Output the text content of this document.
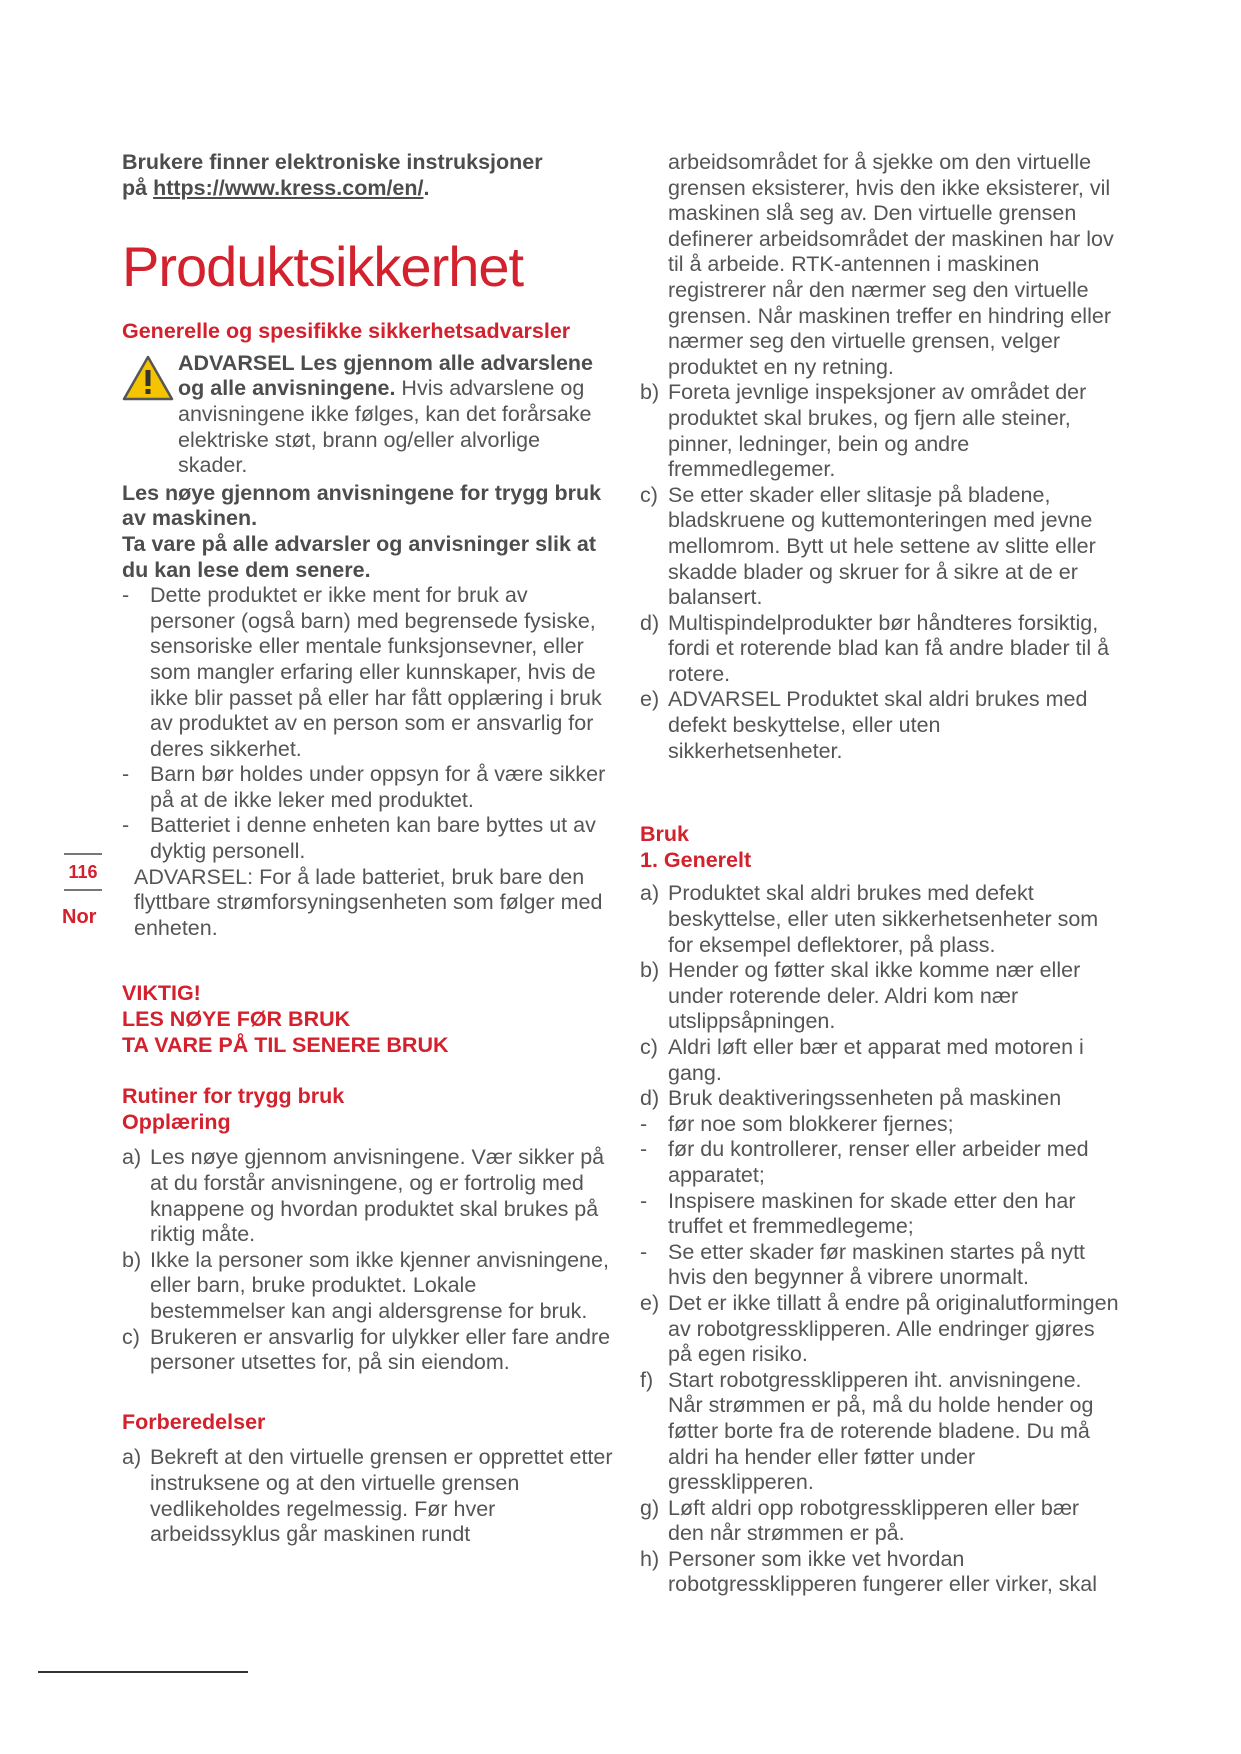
Brukere finner elektroniske instruksjoner
på https://www.kress.com/en/.

Produktsikkerhet

Generelle og spesifikke sikkerhetsadvarsler

ADVARSEL Les gjennom alle advarslene og alle anvisningene. Hvis advarslene og anvisningene ikke følges, kan det forårsake elektriske støt, brann og/eller alvorlige skader.

Les nøye gjennom anvisningene for trygg bruk av maskinen.

Ta vare på alle advarsler og anvisninger slik at du kan lese dem senere.

- Dette produktet er ikke ment for bruk av personer (også barn) med begrensede fysiske, sensoriske eller mentale funksjonsevner, eller som mangler erfaring eller kunnskaper, hvis de ikke blir passet på eller har fått opplæring i bruk av produktet av en person som er ansvarlig for deres sikkerhet.
- Barn bør holdes under oppsyn for å være sikker på at de ikke leker med produktet.
- Batteriet i denne enheten kan bare byttes ut av dyktig personell.

ADVARSEL: For å lade batteriet, bruk bare den flyttbare strømforsyningsenheten som følger med enheten.

VIKTIG!

LES NØYE FØR BRUK

TA VARE PÅ TIL SENERE BRUK

Rutiner for trygg bruk

Opplæring

a) Les nøye gjennom anvisningene. Vær sikker på at du forstår anvisningene, og er fortrolig med knappene og hvordan produktet skal brukes på riktig måte.
b) Ikke la personer som ikke kjenner anvisningene, eller barn, bruke produktet. Lokale bestemmelser kan angi aldersgrense for bruk.
c) Brukeren er ansvarlig for ulykker eller fare andre personer utsettes for, på sin eiendom.

Forberedelser

a) Bekreft at den virtuelle grensen er opprettet etter instruksene og at den virtuelle grensen vedlikeholdes regelmessig. Før hver arbeidssyklus går maskinen rundt

arbeidsområdet for å sjekke om den virtuelle grensen eksisterer, hvis den ikke eksisterer, vil maskinen slå seg av. Den virtuelle grensen definerer arbeidsområdet der maskinen har lov til å arbeide. RTK-antennen i maskinen registrerer når den nærmer seg den virtuelle grensen. Når maskinen treffer en hindring eller nærmer seg den virtuelle grensen, velger produktet en ny retning.

b) Foreta jevnlige inspeksjoner av området der produktet skal brukes, og fjern alle steiner, pinner, ledninger, bein og andre fremmedlegemer.
c) Se etter skader eller slitasje på bladene, bladskruene og kuttemonteringen med jevne mellomrom. Bytt ut hele settene av slitte eller skadde blader og skruer for å sikre at de er balansert.
d) Multispindelprodukter bør håndteres forsiktig, fordi et roterende blad kan få andre blader til å rotere.
e) ADVARSEL Produktet skal aldri brukes med defekt beskyttelse, eller uten sikkerhetsenheter.

Bruk

1. Generelt

a) Produktet skal aldri brukes med defekt beskyttelse, eller uten sikkerhetsenheter som for eksempel deflektorer, på plass.
b) Hender og føtter skal ikke komme nær eller under roterende deler. Aldri kom nær utslippsåpningen.
c) Aldri løft eller bær et apparat med motoren i gang.
d) Bruk deaktiveringssenheten på maskinen
- før noe som blokkerer fjernes;
- før du kontrollerer, renser eller arbeider med apparatet;
- Inspisere maskinen for skade etter den har truffet et fremmedlegeme;
- Se etter skader før maskinen startes på nytt hvis den begynner å vibrere unormalt.
e) Det er ikke tillatt å endre på originalutformingen av robotgressklipperen. Alle endringer gjøres på egen risiko.
f) Start robotgressklipperen iht. anvisningene. Når strømmen er på, må du holde hender og føtter borte fra de roterende bladene. Du må aldri ha hender eller føtter under gressklipperen.
g) Løft aldri opp robotgressklipperen eller bær den når strømmen er på.
h) Personer som ikke vet hvordan robotgressklipperen fungerer eller virker, skal
116
Nor
